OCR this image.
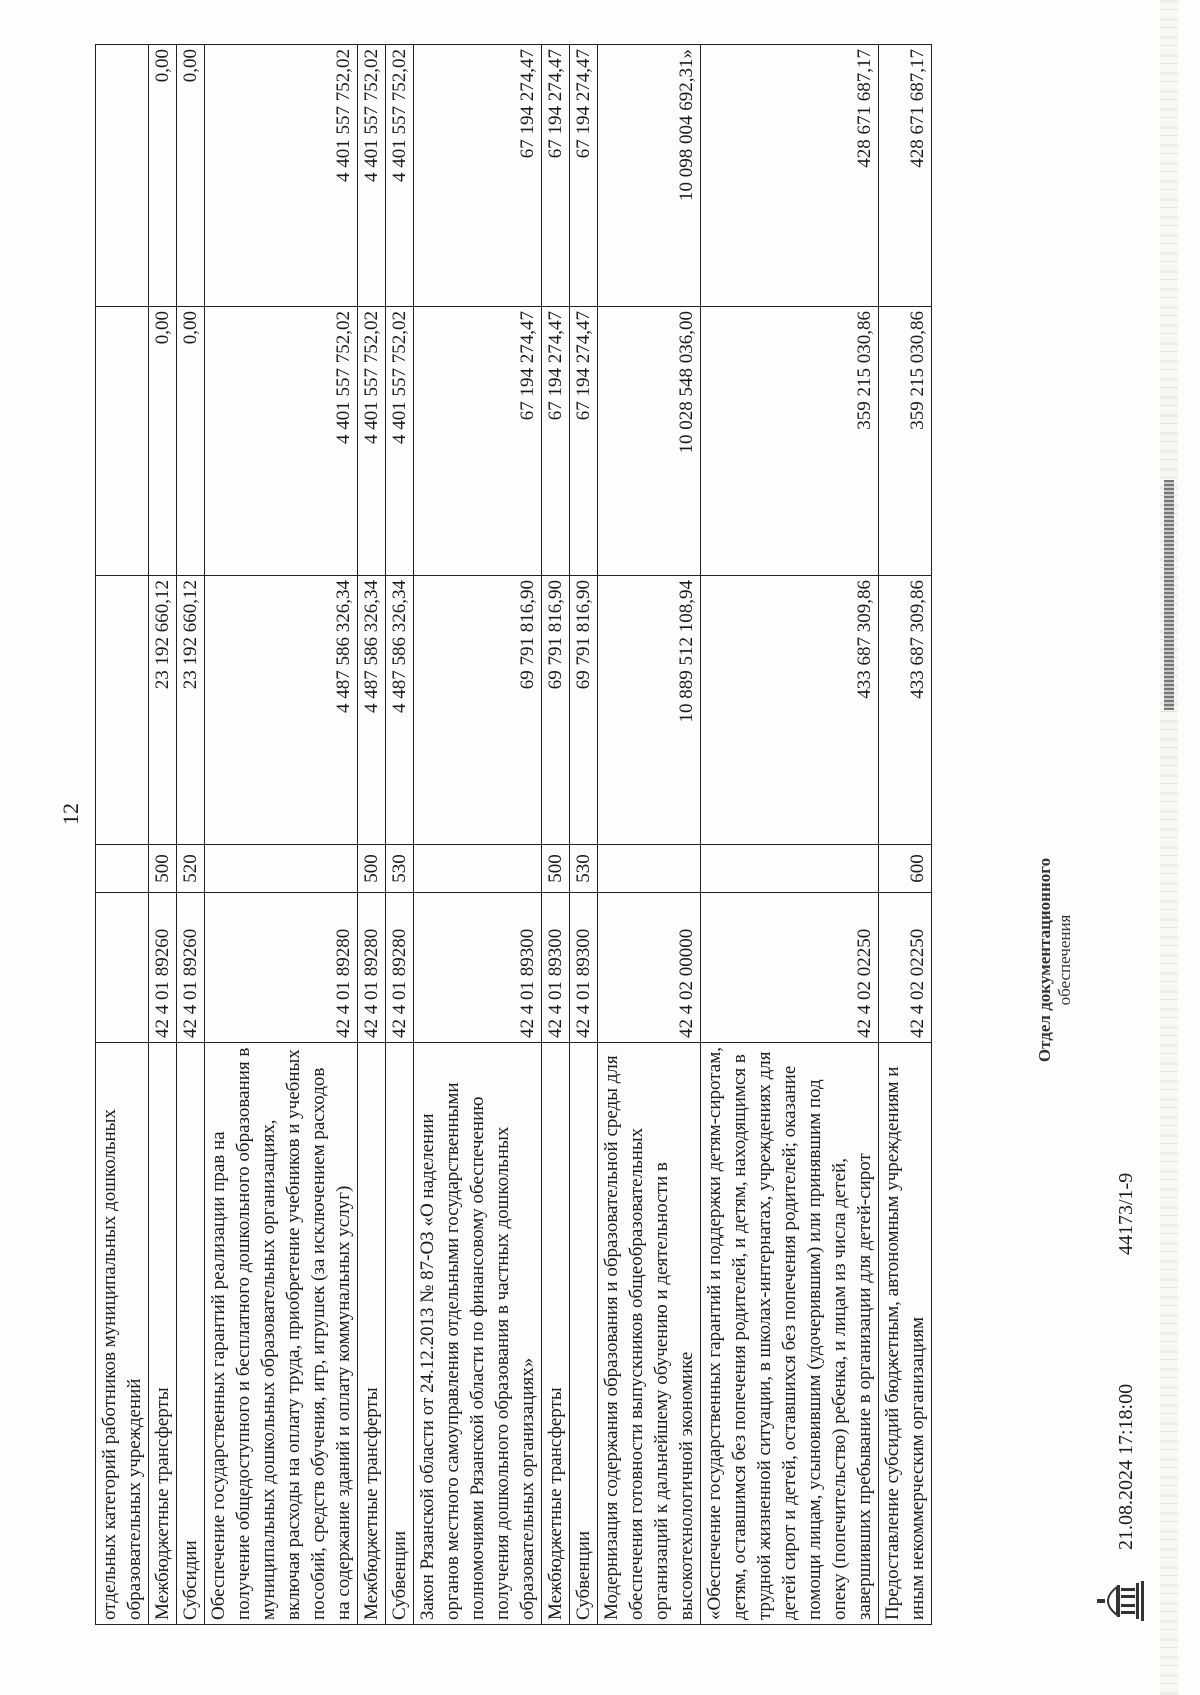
12
отдельных категорий работников муниципальных дошкольных образовательных учреждений					
Межбюджетные трансферты	42 4 01 89260	500	23 192 660,12	0,00	0,00
Субсидии	42 4 01 89260	520	23 192 660,12	0,00	0,00
Обеспечение государственных гарантий реализации прав на получение общедоступного и бесплатного дошкольного образования в муниципальных дошкольных образовательных организациях, включая расходы на оплату труда, приобретение учебников и учебных пособий, средств обучения, игр, игрушек (за исключением расходов на содержание зданий и оплату коммунальных услуг)	42 4 01 89280		4 487 586 326,34	4 401 557 752,02	4 401 557 752,02
Межбюджетные трансферты	42 4 01 89280	500	4 487 586 326,34	4 401 557 752,02	4 401 557 752,02
Субвенции	42 4 01 89280	530	4 487 586 326,34	4 401 557 752,02	4 401 557 752,02
Закон Рязанской области от 24.12.2013 № 87-ОЗ «О наделении органов местного самоуправления отдельными государственными полномочиями Рязанской области по финансовому обеспечению получения дошкольного образования в частных дошкольных образовательных организациях»	42 4 01 89300		69 791 816,90	67 194 274,47	67 194 274,47
Межбюджетные трансферты	42 4 01 89300	500	69 791 816,90	67 194 274,47	67 194 274,47
Субвенции	42 4 01 89300	530	69 791 816,90	67 194 274,47	67 194 274,47
Модернизация содержания образования и образовательной среды для обеспечения готовности выпускников общеобразовательных организаций к дальнейшему обучению и деятельности в высокотехнологичной экономике	42 4 02 00000		10 889 512 108,94	10 028 548 036,00	10 098 004 692,31»
«Обеспечение государственных гарантий и поддержки детям-сиротам, детям, оставшимся без попечения родителей, и детям, находящимся в трудной жизненной ситуации, в школах-интернатах, учреждениях для детей сирот и детей, оставшихся без попечения родителей; оказание помощи лицам, усыновившим (удочерившим) или принявшим под опеку (попечительство) ребенка, и лицам из числа детей, завершивших пребывание в организации для детей-сирот	42 4 02 02250		433 687 309,86	359 215 030,86	428 671 687,17
Предоставление субсидий бюджетным, автономным учреждениям и иным некоммерческим организациям	42 4 02 02250	600	433 687 309,86	359 215 030,86	428 671 687,17
21.08.2024 17:18:00
44173/1-9
Отдел документационного обеспечения
